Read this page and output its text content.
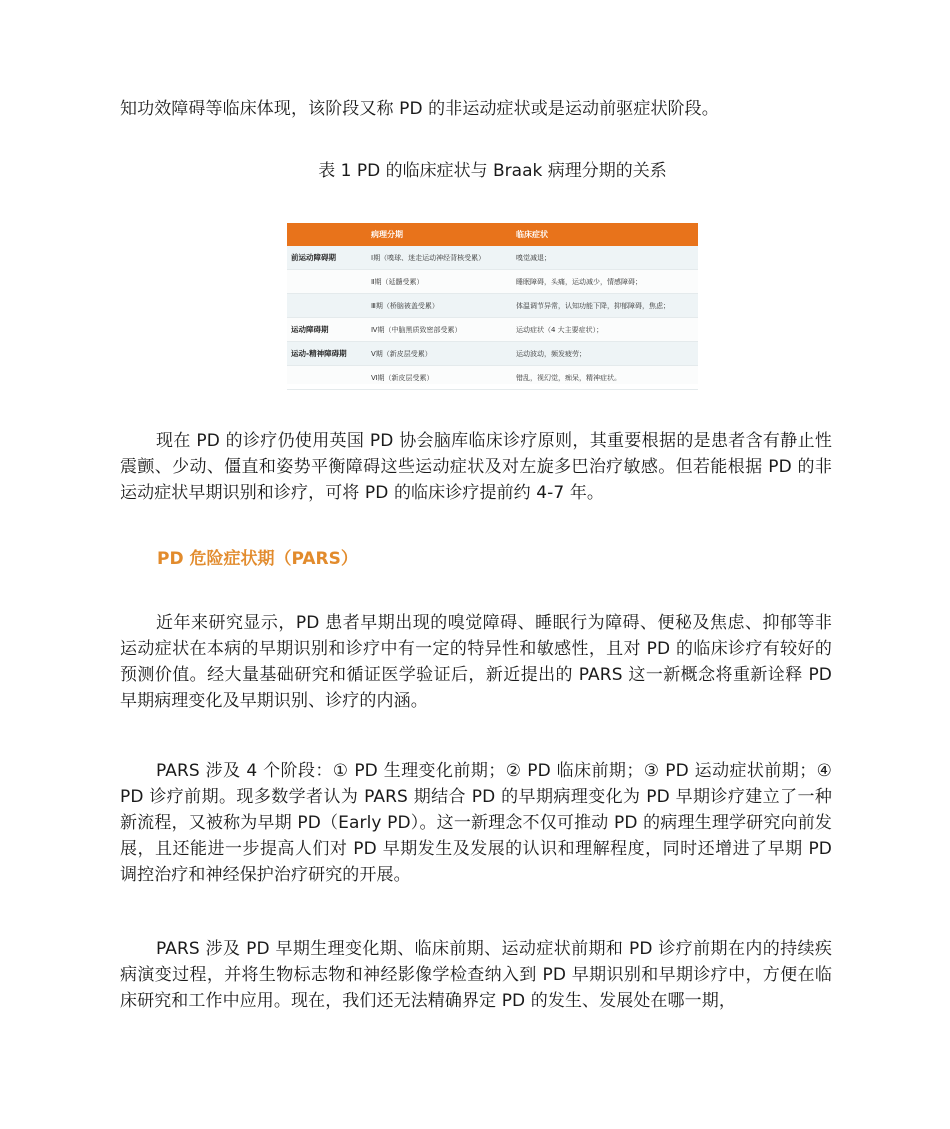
知功效障碍等临床体现，该阶段又称 PD 的非运动症状或是运动前驱症状阶段。

表 1 PD 的临床症状与 Braak 病理分期的关系

	病理分期	临床症状
前运动障碍期	Ⅰ期（嗅球、迷走运动神经背核受累）	嗅觉减退；
	Ⅱ期（延髓受累）	睡眠障碍，头痛，运动减少，情感障碍；
	Ⅲ期（桥脑被盖受累）	体温调节异常，认知功能下降，抑郁障碍，焦虑；
运动障碍期	Ⅳ期（中脑黑质致密部受累）	运动症状（4 大主要症状）；
运动-精神障碍期	Ⅴ期（新皮层受累）	运动波动，频发疲劳；
	Ⅵ期（新皮层受累）	错乱，视幻觉，痴呆，精神症状。

现在 PD 的诊疗仍使用英国 PD 协会脑库临床诊疗原则，其重要根据的是患者含有静止性震颤、少动、僵直和姿势平衡障碍这些运动症状及对左旋多巴治疗敏感。但若能根据 PD 的非运动症状早期识别和诊疗，可将 PD 的临床诊疗提前约 4-7 年。

PD 危险症状期（PARS）

近年来研究显示，PD 患者早期出现的嗅觉障碍、睡眠行为障碍、便秘及焦虑、抑郁等非运动症状在本病的早期识别和诊疗中有一定的特异性和敏感性，且对 PD 的临床诊疗有较好的预测价值。经大量基础研究和循证医学验证后，新近提出的 PARS 这一新概念将重新诠释 PD 早期病理变化及早期识别、诊疗的内涵。

PARS 涉及 4 个阶段：① PD 生理变化前期；② PD 临床前期；③ PD 运动症状前期；④ PD 诊疗前期。现多数学者认为 PARS 期结合 PD 的早期病理变化为 PD 早期诊疗建立了一种新流程，又被称为早期 PD（Early PD）。这一新理念不仅可推动 PD 的病理生理学研究向前发展，且还能进一步提高人们对 PD 早期发生及发展的认识和理解程度，同时还增进了早期 PD 调控治疗和神经保护治疗研究的开展。

PARS 涉及 PD 早期生理变化期、临床前期、运动症状前期和 PD 诊疗前期在内的持续疾病演变过程，并将生物标志物和神经影像学检查纳入到 PD 早期识别和早期诊疗中，方便在临床研究和工作中应用。现在，我们还无法精确界定 PD 的发生、发展处在哪一期，
